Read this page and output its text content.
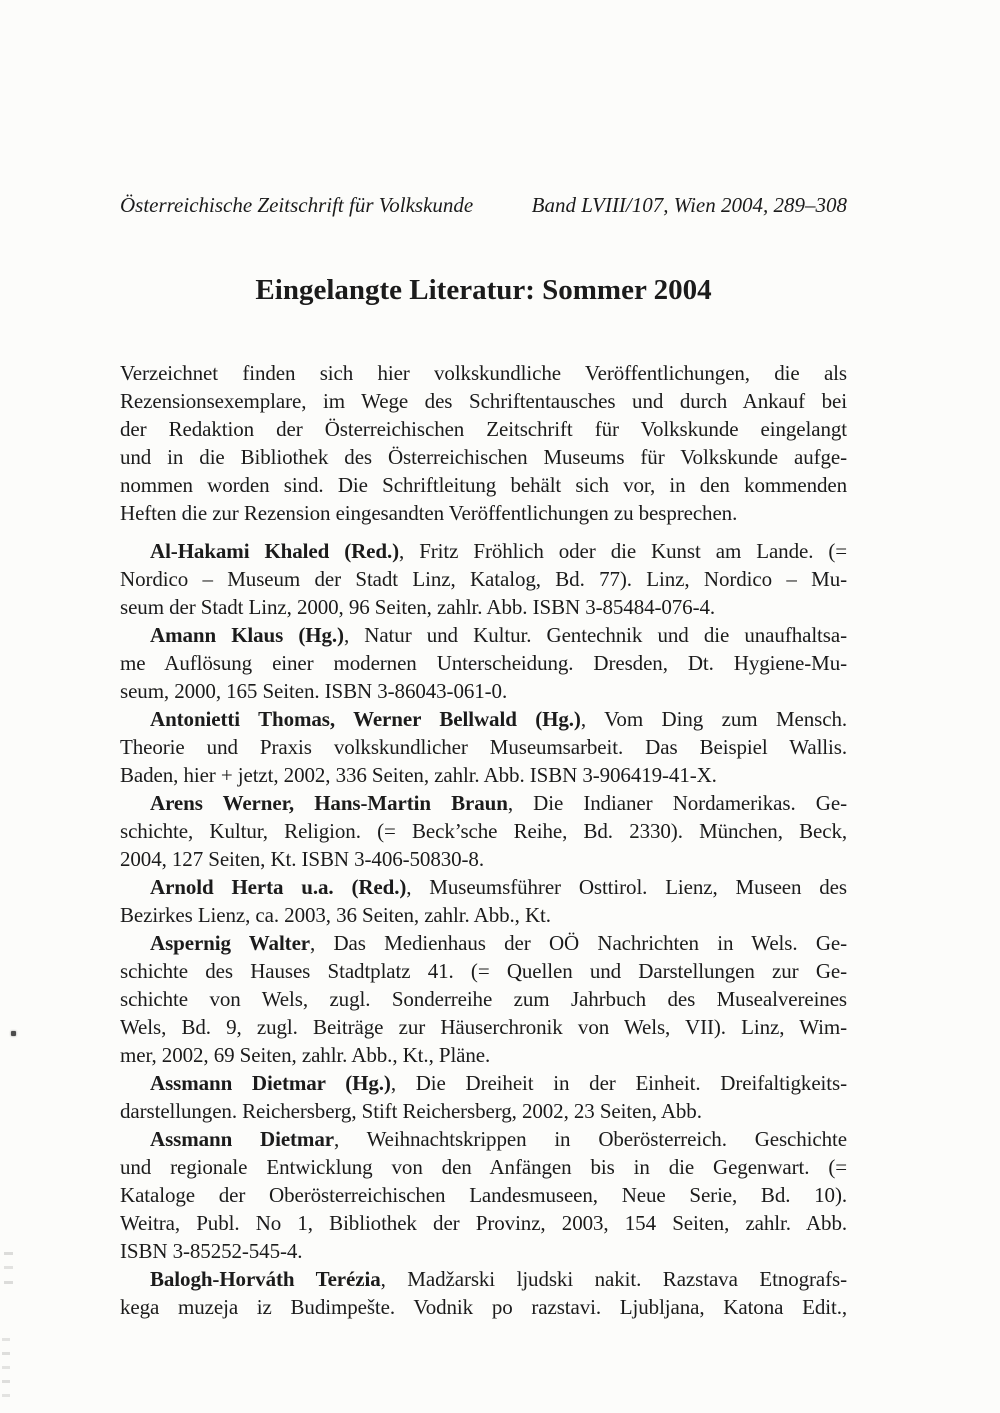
Österreichische Zeitschrift für Volkskunde	Band LVIII/107, Wien 2004, 289–308
Eingelangte Literatur: Sommer 2004

Verzeichnet finden sich hier volkskundliche Veröffentlichungen, die als
Rezensionsexemplare, im Wege des Schriftentausches und durch Ankauf bei
der Redaktion der Österreichischen Zeitschrift für Volkskunde eingelangt
und in die Bibliothek des Österreichischen Museums für Volkskunde aufge-
nommen worden sind. Die Schriftleitung behält sich vor, in den kommenden
Heften die zur Rezension eingesandten Veröffentlichungen zu besprechen.

Al-Hakami Khaled (Red.), Fritz Fröhlich oder die Kunst am Lande. (=
Nordico – Museum der Stadt Linz, Katalog, Bd. 77). Linz, Nordico – Mu-
seum der Stadt Linz, 2000, 96 Seiten, zahlr. Abb. ISBN 3-85484-076-4.

Amann Klaus (Hg.), Natur und Kultur. Gentechnik und die unaufhaltsa-
me Auflösung einer modernen Unterscheidung. Dresden, Dt. Hygiene-Mu-
seum, 2000, 165 Seiten. ISBN 3-86043-061-0.

Antonietti Thomas, Werner Bellwald (Hg.), Vom Ding zum Mensch.
Theorie und Praxis volkskundlicher Museumsarbeit. Das Beispiel Wallis.
Baden, hier + jetzt, 2002, 336 Seiten, zahlr. Abb. ISBN 3-906419-41-X.

Arens Werner, Hans-Martin Braun, Die Indianer Nordamerikas. Ge-
schichte, Kultur, Religion. (= Beck’sche Reihe, Bd. 2330). München, Beck,
2004, 127 Seiten, Kt. ISBN 3-406-50830-8.

Arnold Herta u.a. (Red.), Museumsführer Osttirol. Lienz, Museen des
Bezirkes Lienz, ca. 2003, 36 Seiten, zahlr. Abb., Kt.

Aspernig Walter, Das Medienhaus der OÖ Nachrichten in Wels. Ge-
schichte des Hauses Stadtplatz 41. (= Quellen und Darstellungen zur Ge-
schichte von Wels, zugl. Sonderreihe zum Jahrbuch des Musealvereines
Wels, Bd. 9, zugl. Beiträge zur Häuserchronik von Wels, VII). Linz, Wim-
mer, 2002, 69 Seiten, zahlr. Abb., Kt., Pläne.

Assmann Dietmar (Hg.), Die Dreiheit in der Einheit. Dreifaltigkeits-
darstellungen. Reichersberg, Stift Reichersberg, 2002, 23 Seiten, Abb.

Assmann Dietmar, Weihnachtskrippen in Oberösterreich. Geschichte
und regionale Entwicklung von den Anfängen bis in die Gegenwart. (=
Kataloge der Oberösterreichischen Landesmuseen, Neue Serie, Bd. 10).
Weitra, Publ. No 1, Bibliothek der Provinz, 2003, 154 Seiten, zahlr. Abb.
ISBN 3-85252-545-4.

Balogh-Horváth Terézia, Madžarski ljudski nakit. Razstava Etnografs-
kega muzeja iz Budimpešte. Vodnik po razstavi. Ljubljana, Katona Edit.,
